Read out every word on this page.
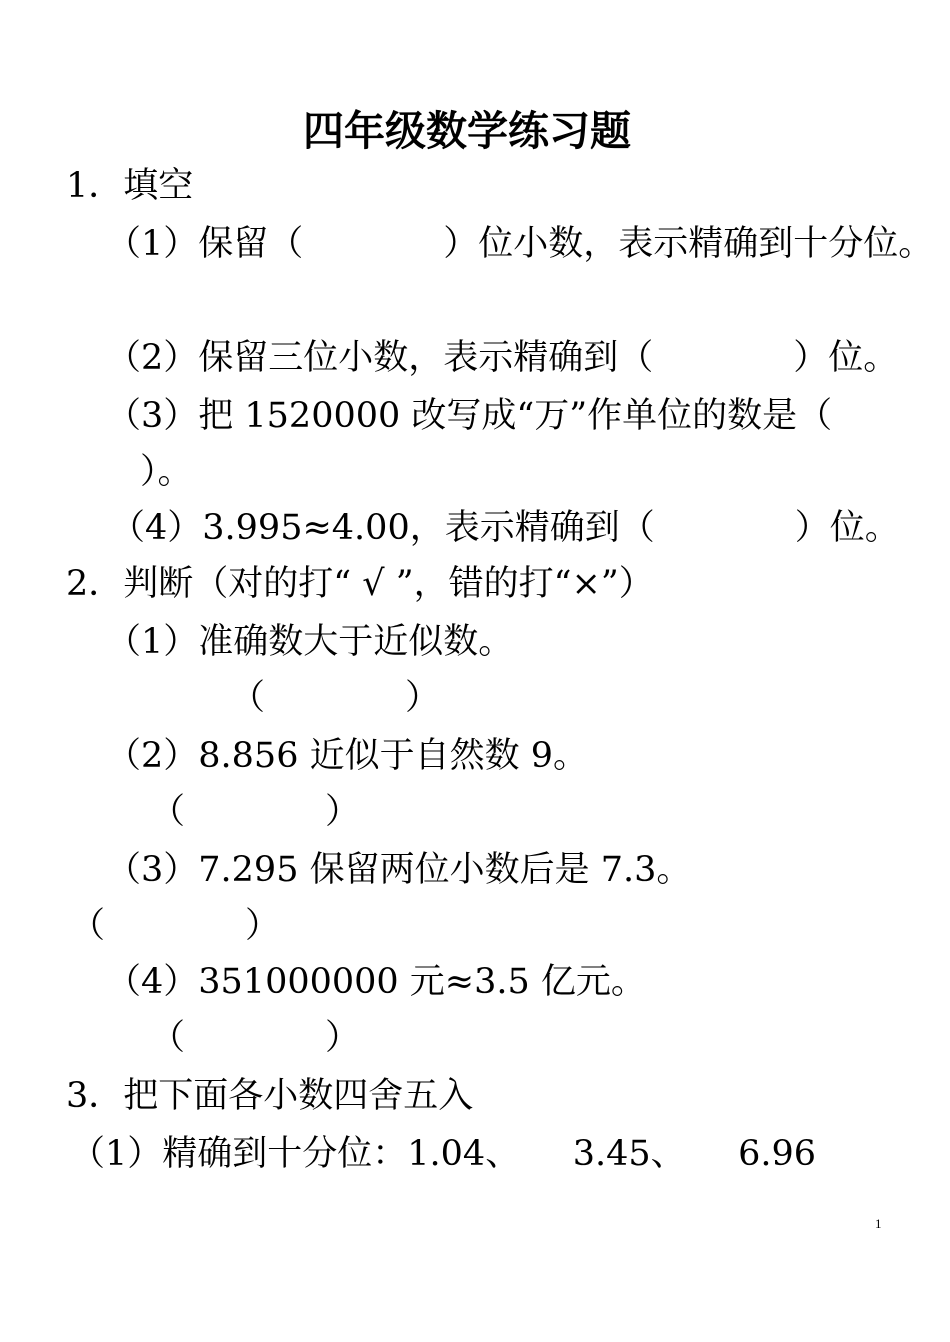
四年级数学练习题
1．填空
（1）保留（　　　　）位小数，表示精确到十分位。
（2）保留三位小数，表示精确到（　　　　）位。
（3）把 1520000 改写成“万”作单位的数是（
）。
（4）3.995≈4.00，表示精确到（　　　　）位。
2．判断（对的打“ √ ”，错的打“×”）
（1）准确数大于近似数。
（　　　　）
（2）8.856 近似于自然数 9。
（　　　　）
（3）7.295 保留两位小数后是 7.3。
（　　　　）
（4）351000000 元≈3.5 亿元。
（　　　　）
3．把下面各小数四舍五入
（1）精确到十分位：1.04、　　3.45、　　6.96
1
